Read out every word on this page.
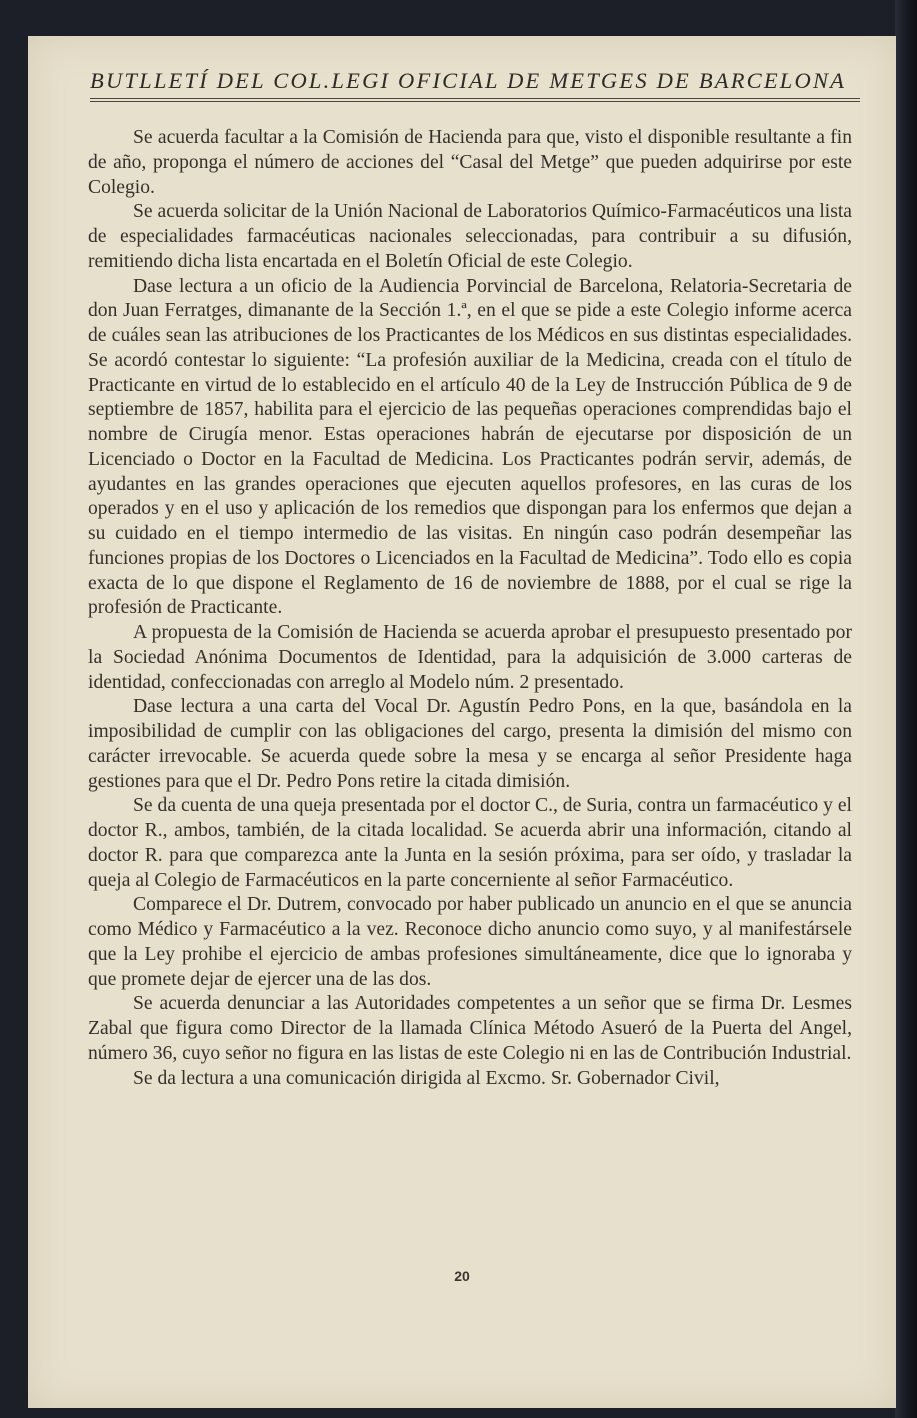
BUTLLETÍ DEL COL.LEGI OFICIAL DE METGES DE BARCELONA

Se acuerda facultar a la Comisión de Hacienda para que, visto el disponible resultante a fin de año, proponga el número de acciones del “Casal del Metge” que pueden adquirirse por este Colegio.

Se acuerda solicitar de la Unión Nacional de Laboratorios Químico-Farmacéuticos una lista de especialidades farmacéuticas nacionales seleccionadas, para contribuir a su difusión, remitiendo dicha lista encartada en el Boletín Oficial de este Colegio.

Dase lectura a un oficio de la Audiencia Porvincial de Barcelona, Relatoria-Secretaria de don Juan Ferratges, dimanante de la Sección 1.ª, en el que se pide a este Colegio informe acerca de cuáles sean las atribuciones de los Practicantes de los Médicos en sus distintas especialidades. Se acordó contestar lo siguiente: “La profesión auxiliar de la Medicina, creada con el título de Practicante en virtud de lo establecido en el artículo 40 de la Ley de Instrucción Pública de 9 de septiembre de 1857, habilita para el ejercicio de las pequeñas operaciones comprendidas bajo el nombre de Cirugía menor. Estas operaciones habrán de ejecutarse por disposición de un Licenciado o Doctor en la Facultad de Medicina. Los Practicantes podrán servir, además, de ayudantes en las grandes operaciones que ejecuten aquellos profesores, en las curas de los operados y en el uso y aplicación de los remedios que dispongan para los enfermos que dejan a su cuidado en el tiempo intermedio de las visitas. En ningún caso podrán desempeñar las funciones propias de los Doctores o Licenciados en la Facultad de Medicina”. Todo ello es copia exacta de lo que dispone el Reglamento de 16 de noviembre de 1888, por el cual se rige la profesión de Practicante.

A propuesta de la Comisión de Hacienda se acuerda aprobar el presupuesto presentado por la Sociedad Anónima Documentos de Identidad, para la adquisición de 3.000 carteras de identidad, confeccionadas con arreglo al Modelo núm. 2 presentado.

Dase lectura a una carta del Vocal Dr. Agustín Pedro Pons, en la que, basándola en la imposibilidad de cumplir con las obligaciones del cargo, presenta la dimisión del mismo con carácter irrevocable. Se acuerda quede sobre la mesa y se encarga al señor Presidente haga gestiones para que el Dr. Pedro Pons retire la citada dimisión.

Se da cuenta de una queja presentada por el doctor C., de Suria, contra un farmacéutico y el doctor R., ambos, también, de la citada localidad. Se acuerda abrir una información, citando al doctor R. para que comparezca ante la Junta en la sesión próxima, para ser oído, y trasladar la queja al Colegio de Farmacéuticos en la parte concerniente al señor Farmacéutico.

Comparece el Dr. Dutrem, convocado por haber publicado un anuncio en el que se anuncia como Médico y Farmacéutico a la vez. Reconoce dicho anuncio como suyo, y al manifestársele que la Ley prohibe el ejercicio de ambas profesiones simultáneamente, dice que lo ignoraba y que promete dejar de ejercer una de las dos.

Se acuerda denunciar a las Autoridades competentes a un señor que se firma Dr. Lesmes Zabal que figura como Director de la llamada Clínica Método Asueró de la Puerta del Angel, número 36, cuyo señor no figura en las listas de este Colegio ni en las de Contribución Industrial.

Se da lectura a una comunicación dirigida al Excmo. Sr. Gobernador Civil,

20
